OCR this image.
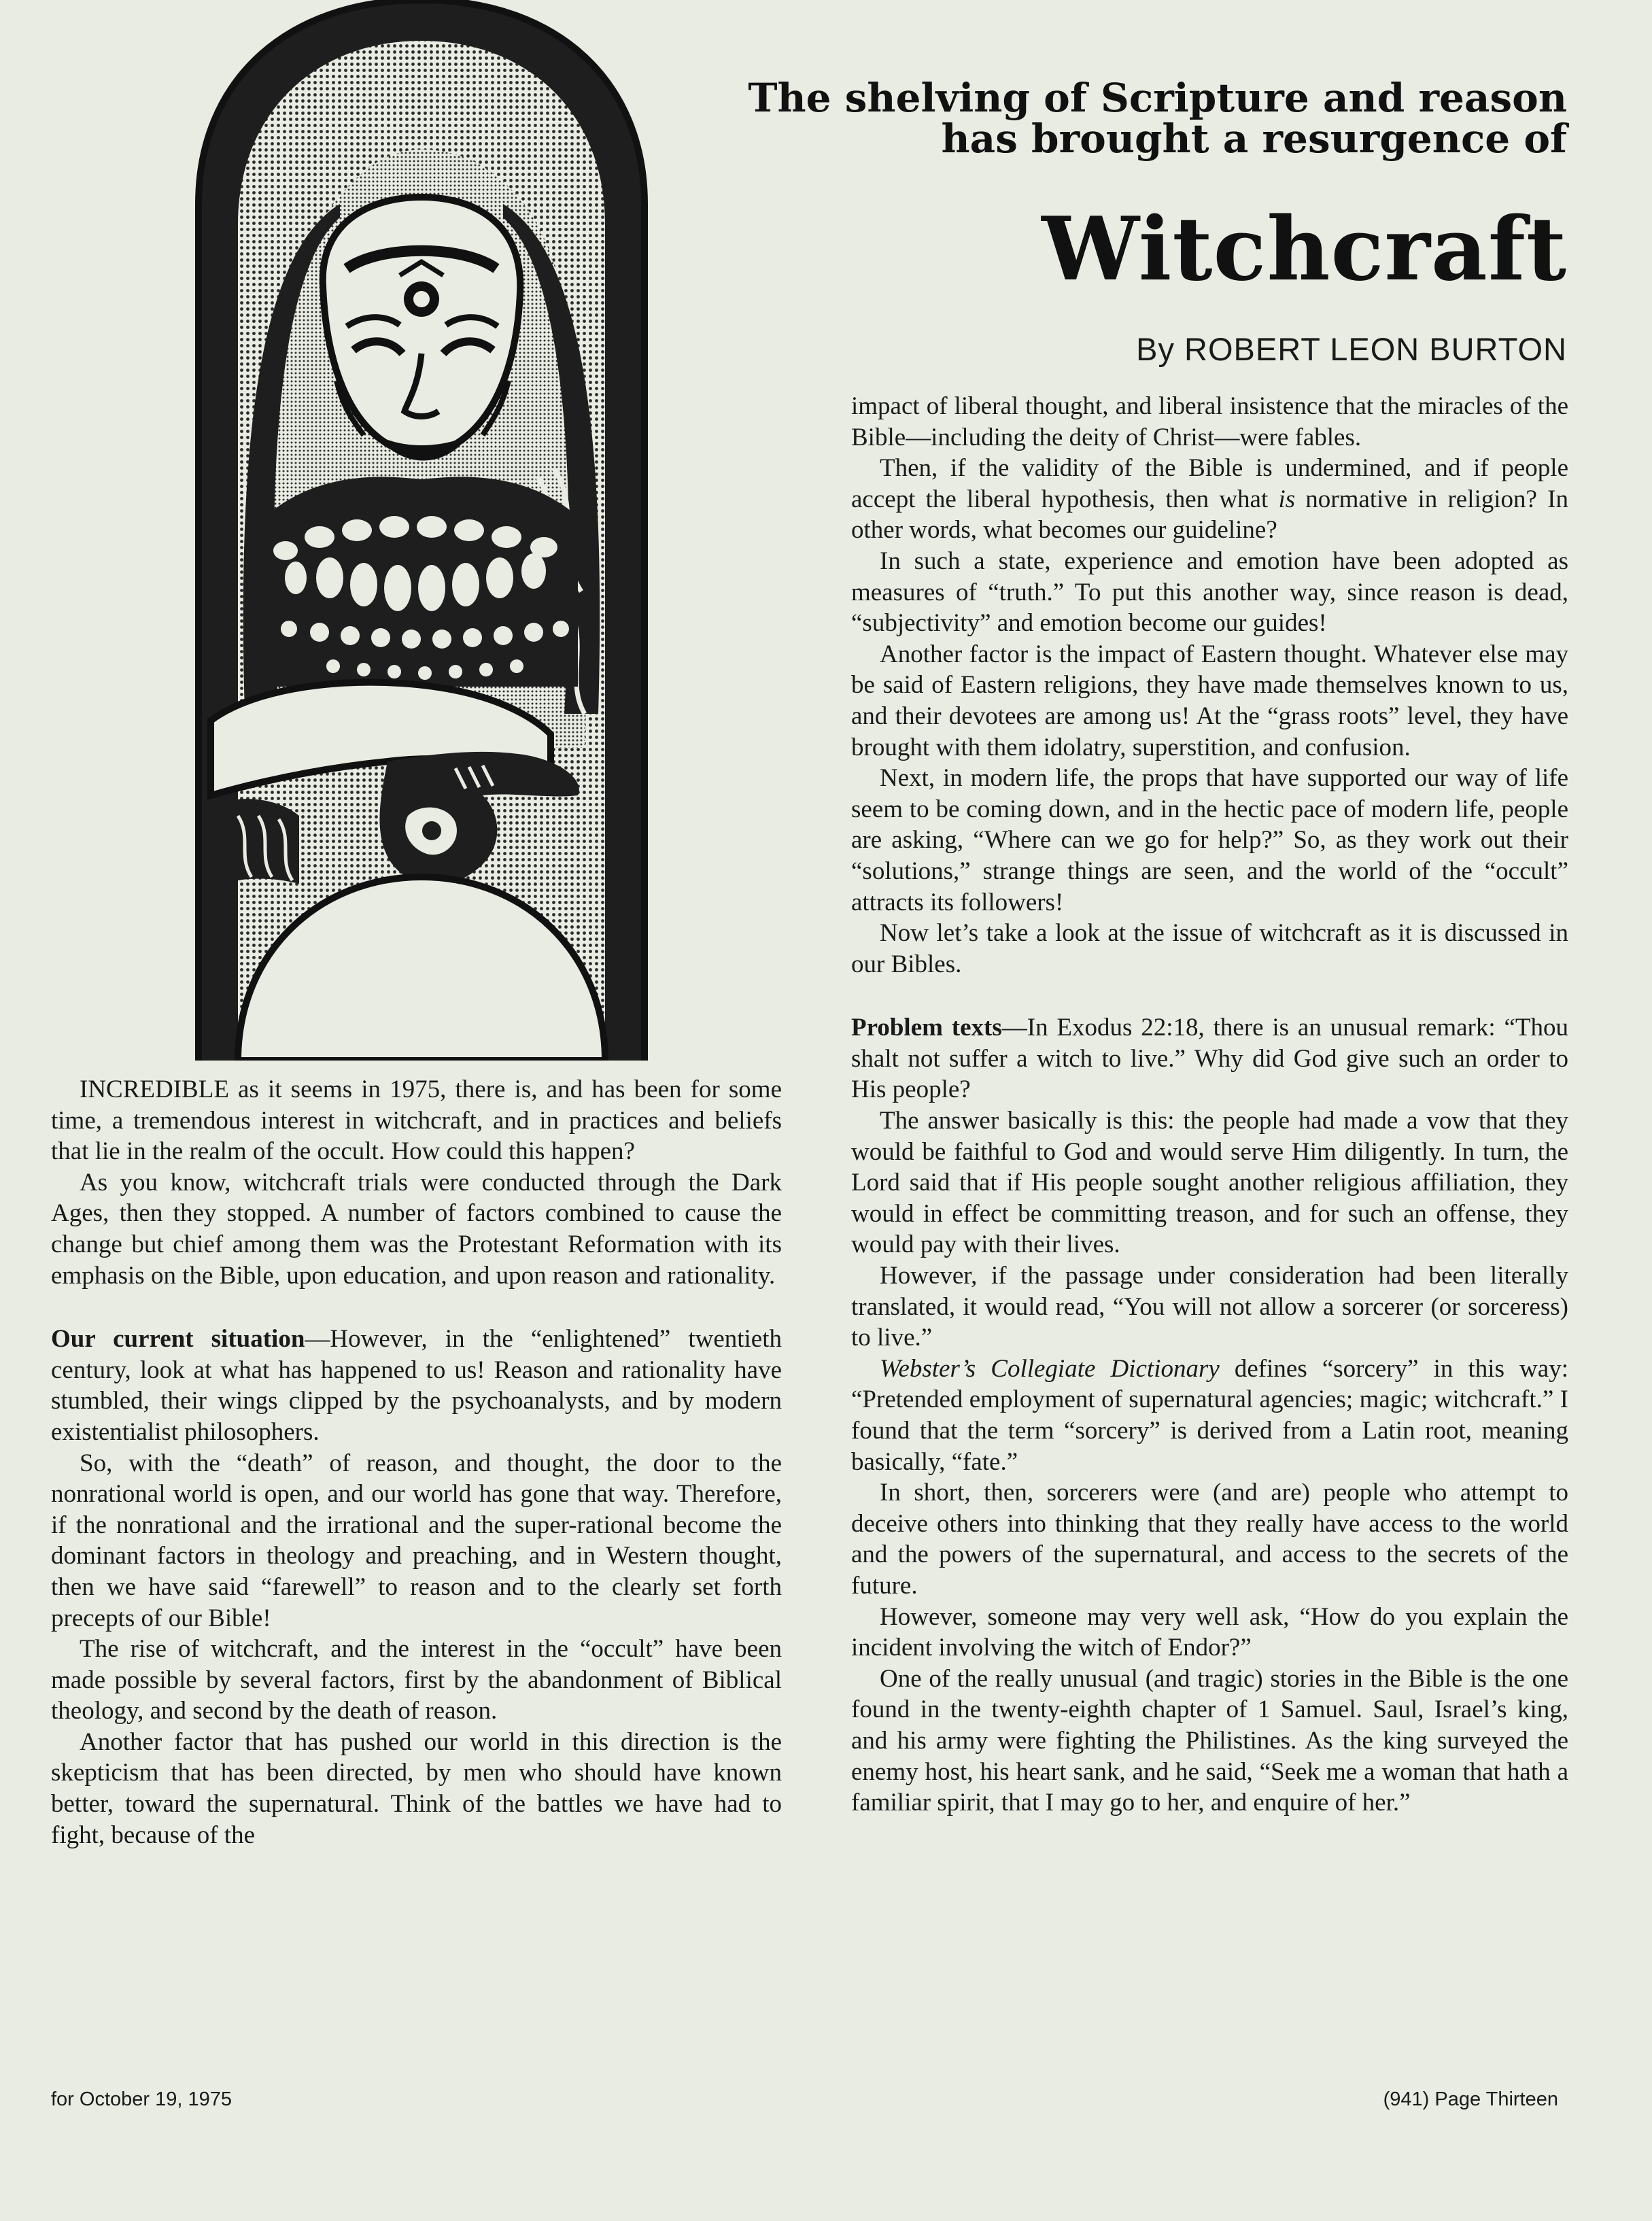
The shelving of Scripture and reason
has brought a resurgence of
Witchcraft
By ROBERT LEON BURTON

INCREDIBLE as it seems in 1975, there is, and has been for some time, a tremendous interest in witchcraft, and in practices and beliefs that lie in the realm of the occult. How could this happen?

As you know, witchcraft trials were conducted through the Dark Ages, then they stopped. A number of factors combined to cause the change but chief among them was the Protestant Reformation with its emphasis on the Bible, upon education, and upon reason and rationality.

Our current situation—However, in the “enlightened” twentieth century, look at what has happened to us! Reason and rationality have stumbled, their wings clipped by the psychoanalysts, and by modern existentialist philosophers.

So, with the “death” of reason, and thought, the door to the nonrational world is open, and our world has gone that way. Therefore, if the nonrational and the irrational and the super-rational become the dominant factors in theology and preaching, and in Western thought, then we have said “farewell” to reason and to the clearly set forth precepts of our Bible!

The rise of witchcraft, and the interest in the “occult” have been made possible by several factors, first by the abandonment of Biblical theology, and second by the death of reason.

Another factor that has pushed our world in this direction is the skepticism that has been directed, by men who should have known better, toward the supernatural. Think of the battles we have had to fight, because of the

impact of liberal thought, and liberal insistence that the miracles of the Bible—including the deity of Christ—were fables.

Then, if the validity of the Bible is undermined, and if people accept the liberal hypothesis, then what is normative in religion? In other words, what becomes our guideline?

In such a state, experience and emotion have been adopted as measures of “truth.” To put this another way, since reason is dead, “subjectivity” and emotion become our guides!

Another factor is the impact of Eastern thought. Whatever else may be said of Eastern religions, they have made themselves known to us, and their devotees are among us! At the “grass roots” level, they have brought with them idolatry, superstition, and confusion.

Next, in modern life, the props that have supported our way of life seem to be coming down, and in the hectic pace of modern life, people are asking, “Where can we go for help?” So, as they work out their “solutions,” strange things are seen, and the world of the “occult” attracts its followers!

Now let’s take a look at the issue of witchcraft as it is discussed in our Bibles.

Problem texts—In Exodus 22:18, there is an unusual remark: “Thou shalt not suffer a witch to live.” Why did God give such an order to His people?

The answer basically is this: the people had made a vow that they would be faithful to God and would serve Him diligently. In turn, the Lord said that if His people sought another religious affiliation, they would in effect be committing treason, and for such an offense, they would pay with their lives.

However, if the passage under consideration had been literally translated, it would read, “You will not allow a sorcerer (or sorceress) to live.”

Webster’s Collegiate Dictionary defines “sorcery” in this way: “Pretended employment of supernatural agencies; magic; witchcraft.” I found that the term “sorcery” is derived from a Latin root, meaning basically, “fate.”

In short, then, sorcerers were (and are) people who attempt to deceive others into thinking that they really have access to the world and the powers of the supernatural, and access to the secrets of the future.

However, someone may very well ask, “How do you explain the incident involving the witch of Endor?”

One of the really unusual (and tragic) stories in the Bible is the one found in the twenty-eighth chapter of 1 Samuel. Saul, Israel’s king, and his army were fighting the Philistines. As the king surveyed the enemy host, his heart sank, and he said, “Seek me a woman that hath a familiar spirit, that I may go to her, and enquire of her.”

for October 19, 1975	(941) Page Thirteen
